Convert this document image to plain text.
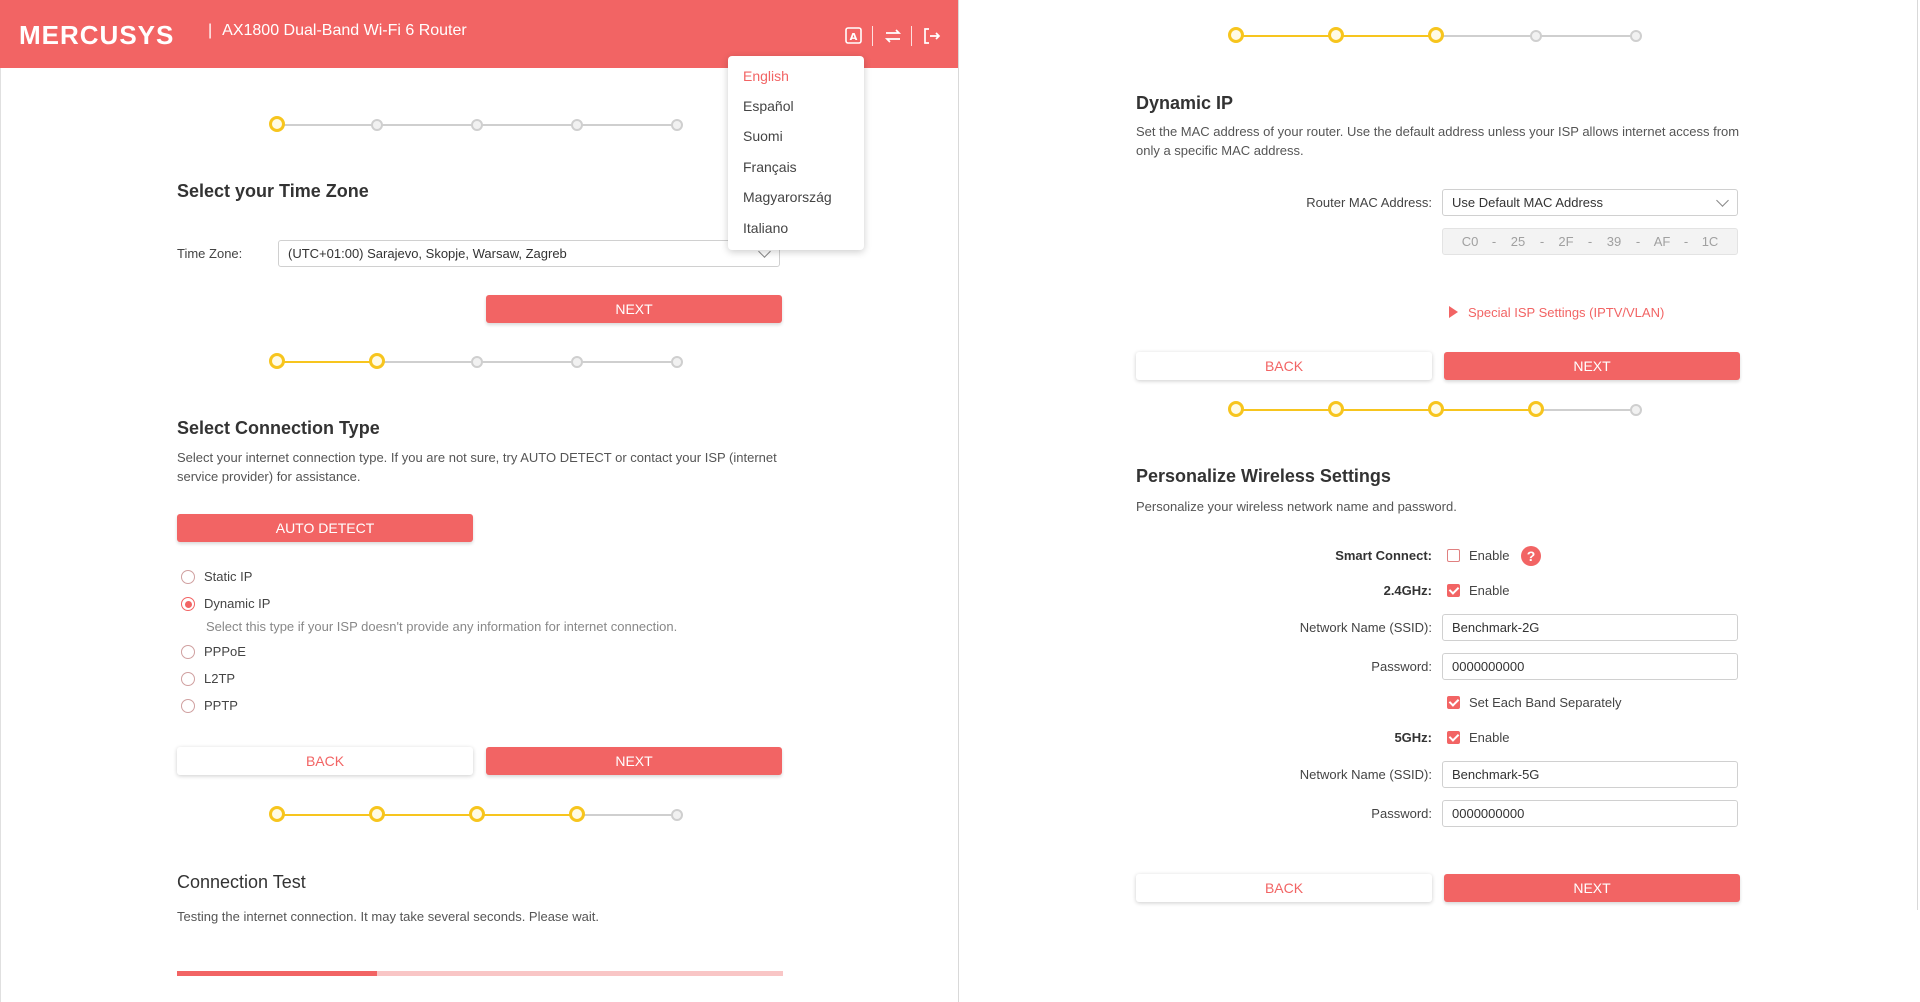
MERCUSYS | AX1800 Dual-Band Wi-Fi 6 Router	A
Select your Time Zone
Time Zone:	(UTC+01:00) Sarajevo, Skopje, Warsaw, Zagreb
NEXT
English
Español
Suomi
Français
Magyarország
Italiano
Select Connection Type
Select your internet connection type. If you are not sure, try AUTO DETECT or contact your ISP (internet service provider) for assistance.
AUTO DETECT
Static IP
Dynamic IP
Select this type if your ISP doesn't provide any information for internet connection.
PPPoE
L2TP
PPTP
BACK	NEXT
Connection Test
Testing the internet connection. It may take several seconds. Please wait.
Dynamic IP
Set the MAC address of your router. Use the default address unless your ISP allows internet access from only a specific MAC address.
Router MAC Address:	Use Default MAC Address
C0 - 25 - 2F - 39 - AF - 1C
Special ISP Settings (IPTV/VLAN)
BACK	NEXT
Personalize Wireless Settings
Personalize your wireless network name and password.
Smart Connect:	Enable	?
2.4GHz:	Enable
Network Name (SSID):	Benchmark-2G
Password:	0000000000
Set Each Band Separately
5GHz:	Enable
Network Name (SSID):	Benchmark-5G
Password:	0000000000
BACK	NEXT
